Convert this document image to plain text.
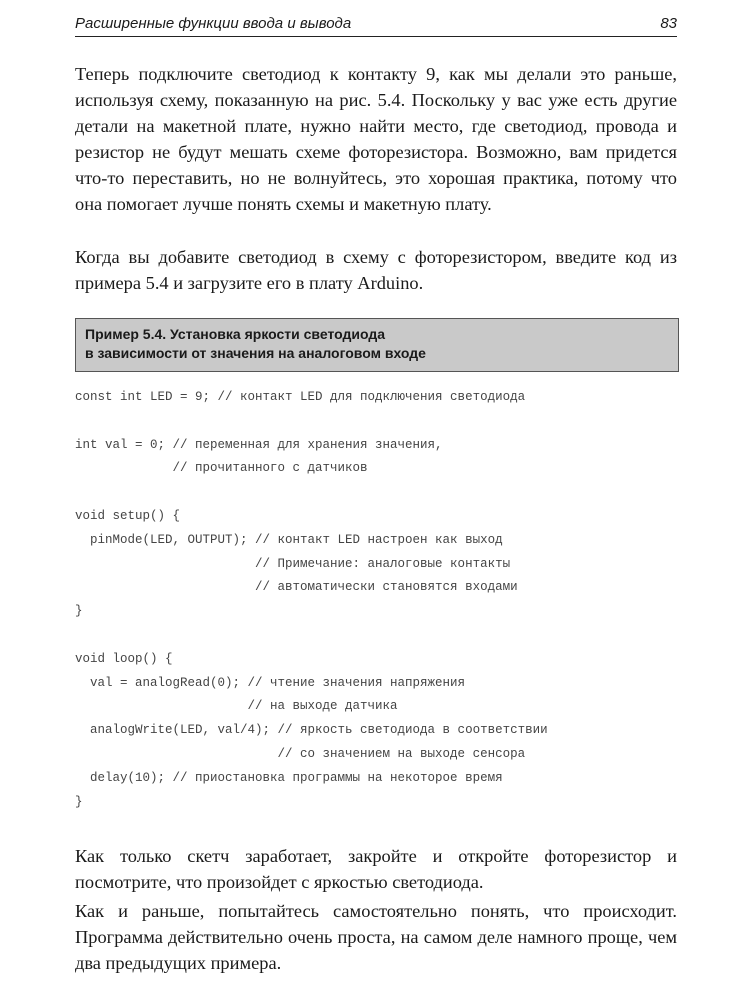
Расширенные функции ввода и вывода	83

Теперь подключите светодиод к контакту 9, как мы делали это раньше, используя схему, показанную на рис. 5.4. Поскольку у вас уже есть другие детали на макетной плате, нужно найти место, где светодиод, провода и резистор не будут мешать схеме фоторезистора. Возможно, вам придется что-то переставить, но не волнуйтесь, это хорошая практика, потому что она помогает лучше понять схемы и макетную плату.

Когда вы добавите светодиод в схему с фоторезистором, введите код из примера 5.4 и загрузите его в плату Arduino.

Пример 5.4. Установка яркости светодиода
в зависимости от значения на аналоговом входе
const int LED = 9; // контакт LED для подключения светодиода
int val = 0; // переменная для хранения значения,
// прочитанного с датчиков
void setup() {
pinMode(LED, OUTPUT); // контакт LED настроен как выход
// Примечание: аналоговые контакты
// автоматически становятся входами
}
void loop() {
val = analogRead(0); // чтение значения напряжения
// на выходе датчика
analogWrite(LED, val/4); // яркость светодиода в соответствии
// со значением на выходе сенсора
delay(10); // приостановка программы на некоторое время
}

Как только скетч заработает, закройте и откройте фоторезистор и посмотрите, что произойдет с яркостью светодиода.

Как и раньше, попытайтесь самостоятельно понять, что происходит. Программа действительно очень проста, на самом деле намного проще, чем два предыдущих примера.
